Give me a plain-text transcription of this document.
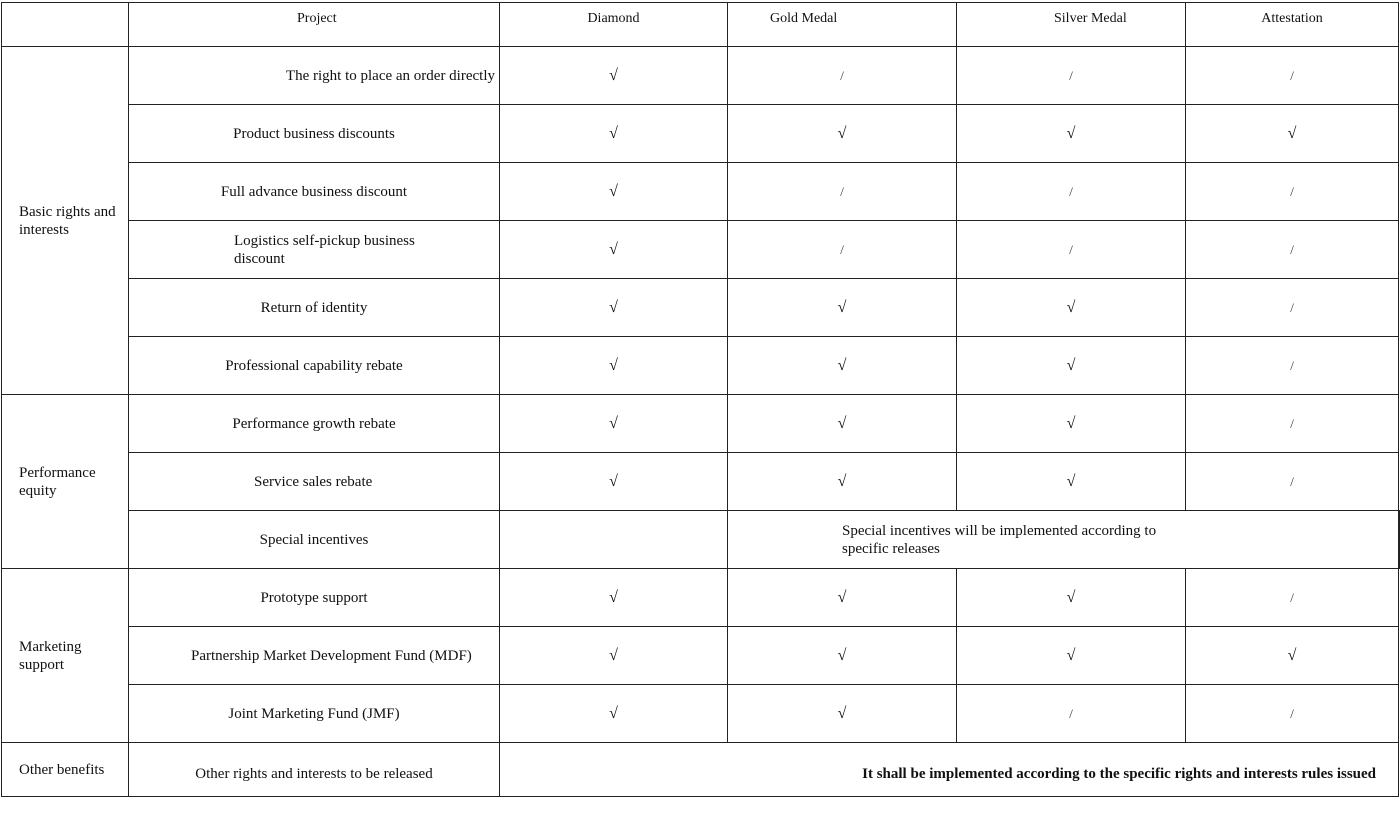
	Project	Diamond	Gold Medal	Silver Medal	Attestation	
Basic rights and interests	The right to place an order directly	√	/	/	/	
	Product business discounts	√	√	√	√	
	Full advance business discount	√	/	/	/	

	Logistics self-pickup business discount	√	/	/	/	
	Return of identity	√	√	√	/	
	Professional capability rebate	√	√	√	/	

Performance equity	Performance growth rebate	√	√	√	/	
	Service sales rebate	√	√	√	/	
	Special incentives		Special incentives will be implemented according to specific releases			

Marketing support	Prototype support	√	√	√	/	

	Partnership Market Development Fund (MDF)	√	√	√	√	
	Joint Marketing Fund (JMF)	√	√	/	/	
Other benefits	Other rights and interests to be released	It shall be implemented according to the specific rights and interests rules issued				
